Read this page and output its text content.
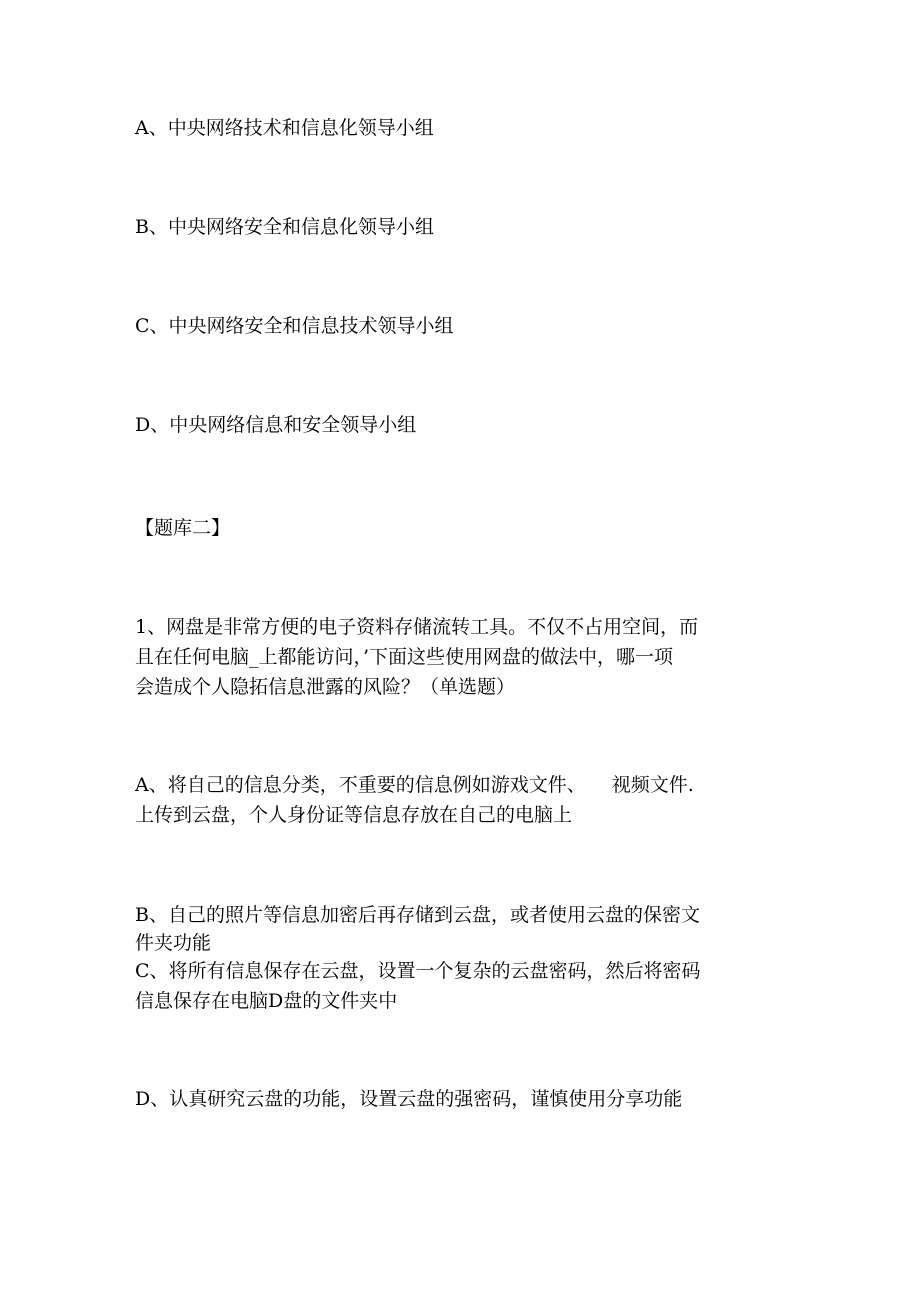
A、中央网络技术和信息化领导小组
B、中央网络安全和信息化领导小组
C、中央网络安全和信息技术领导小组
D、中央网络信息和安全领导小组
【题库二】
1、网盘是非常方便的电子资料存储流转工具。不仅不占用空间，而
且在任何电脑_上都能访问，’下面这些使用网盘的做法中，哪一项
会造成个人隐拓信息泄露的风险？（单选题）
A、将自己的信息分类，不重要的信息例如游戏文件、 视频文件.
上传到云盘，个人身份证等信息存放在自己的电脑上
B、自己的照片等信息加密后再存储到云盘，或者使用云盘的保密文
件夹功能
C、将所有信息保存在云盘，设置一个复杂的云盘密码，然后将密码
信息保存在电脑D盘的文件夹中
D、认真研究云盘的功能，设置云盘的强密码，谨慎使用分享功能
